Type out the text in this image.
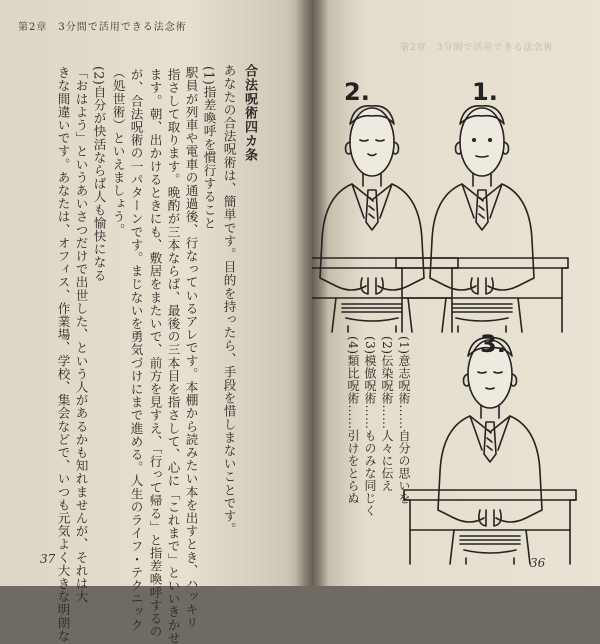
第2章　3分間で活用できる法念術
合法呪術四カ条
あなたの合法呪術は、簡単です。目的を持ったら、手段を惜しまないことです。
(1)指差喚呼を慣行すること
駅員が列車や電車の通過後、行なっているアレです。本棚から読みたい本を出すとき、ハッキリ
指さして取ります。晩酌が三本ならば、最後の三本目を指さして、心に「これまで」といいきかせ
ます。朝、出かけるときにも、敷居をまたいで、前方を見すえ、「行って帰る」と指差喚呼するの
が、合法呪術の一パターンです。まじないを勇気づけにまで進める。人生のライフ・テクニック
（処世術）といえましょう。
(2)自分が快活ならば人も愉快になる
「おはよう」というあいさつだけで出世した、という人があるかも知れませんが、それは大
きな間違いです。あなたは、オフィス、作業場、学校、集会などで、いつも元気よく大きな明朗な
37
第2章　3分間で活用できる法念術
2.	1.
3.
(1)意志呪術……自分の思いを
(2)伝染呪術……人々に伝え
(3)模倣呪術……ものみな同じく
(4)類比呪術……引けをとらぬ
36
